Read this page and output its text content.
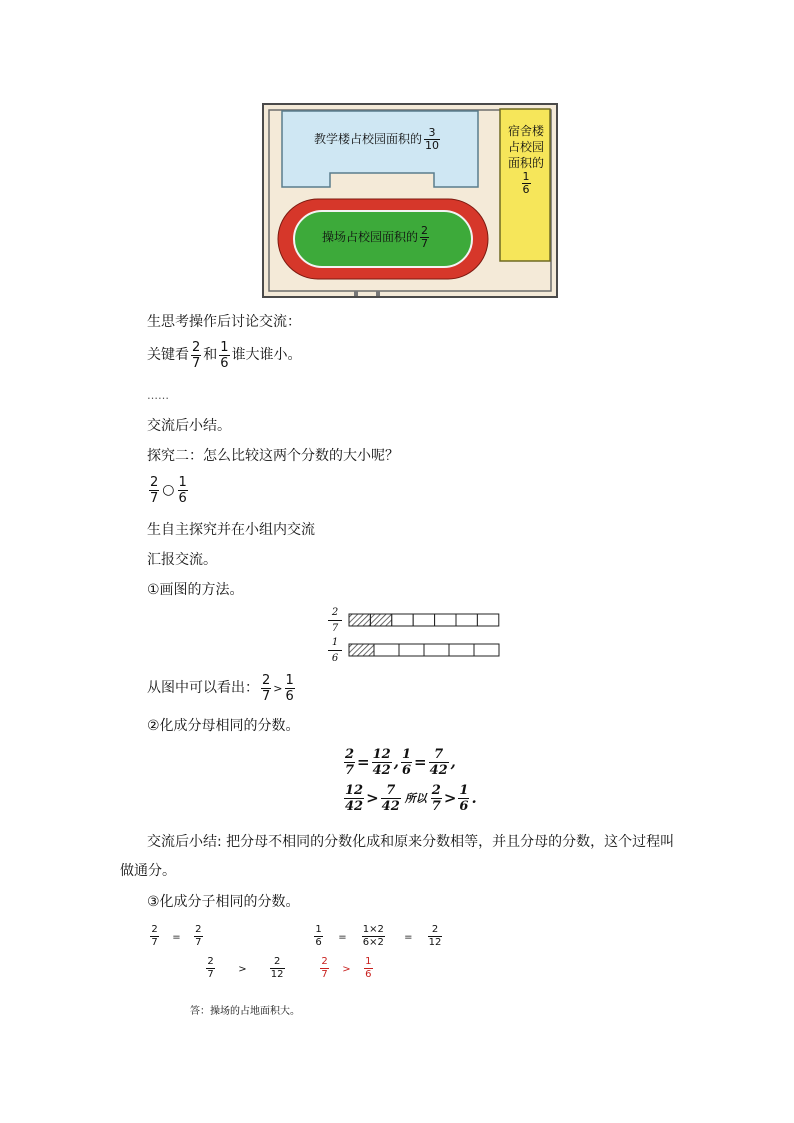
教学楼占校园面积的 $\frac{3}{10}$	宿舍楼
占校园
面积的
$\frac{1}{6}$
操场占校园面积的 $\frac{2}{7}$
生思考操作后讨论交流：
关键看 $\frac{2}{7}$ 和 $\frac{1}{6}$ 谁大谁小。
……
交流后小结。
探究二：怎么比较这两个分数的大小呢？
$\frac{2}{7}$ ○ $\frac{1}{6}$
生自主探究并在小组内交流
汇报交流。
①画图的方法。
$\frac{2}{7}$
$\frac{1}{6}$
从图中可以看出： $\frac{2}{7} > \frac{1}{6}$
②化成分母相同的分数。
$\frac{2}{7} = \frac{12}{42}$ , $\frac{1}{6} = \frac{7}{42}$ ,
$\frac{12}{42} > \frac{7}{42}$ 所以 $\frac{2}{7} > \frac{1}{6}$ .
交流后小结: 把分母不相同的分数化成和原来分数相等，并且分母的分数，这个过程叫
做通分。
③化成分子相同的分数。
$\frac{2}{7} = \frac{2}{7}$	$\frac{1}{6} = \frac{1\times 2}{6\times 2} = \frac{2}{12}$
$\frac{2}{7} > \frac{2}{12}$	$\frac{2}{7} > \frac{1}{6}$
答：操场的占地面积大。
